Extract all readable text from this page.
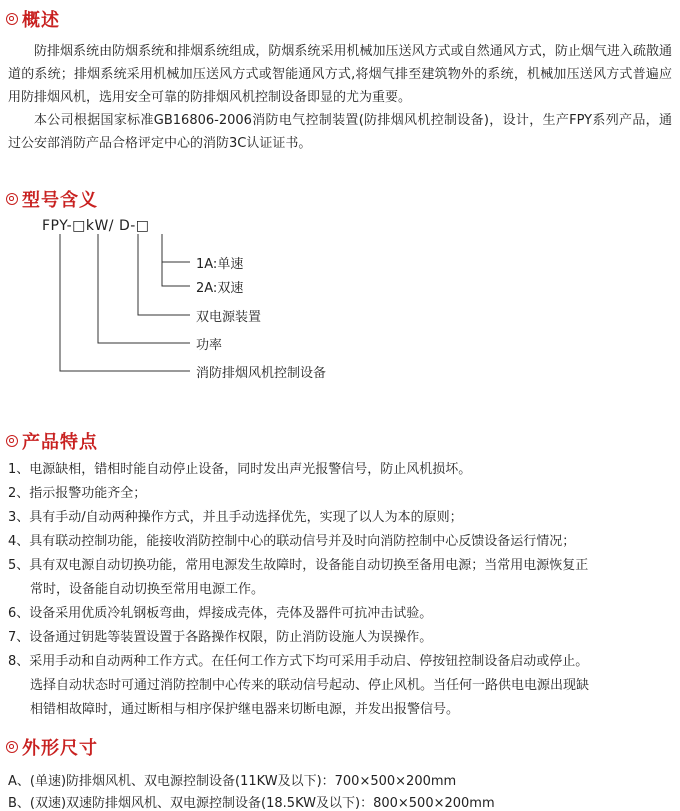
概述

防排烟系统由防烟系统和排烟系统组成，防烟系统采用机械加压送风方式或自然通风方式，防止烟气进入疏散通道的系统；排烟系统采用机械加压送风方式或智能通风方式,将烟气排至建筑物外的系统，机械加压送风方式普遍应用防排烟风机，选用安全可靠的防排烟风机控制设备即显的尤为重要。

本公司根据国家标准GB16806-2006消防电气控制装置(防排烟风机控制设备)，设计，生产FPY系列产品，通过公安部消防产品合格评定中心的消防3C认证证书。

型号含义
FPY-□kW/ D-□
1A:单速
2A:双速
双电源装置
功率
消防排烟风机控制设备
产品特点
1、电源缺相，错相时能自动停止设备，同时发出声光报警信号，防止风机损坏。
2、指示报警功能齐全；
3、具有手动/自动两种操作方式，并且手动选择优先，实现了以人为本的原则；
4、具有联动控制功能，能接收消防控制中心的联动信号并及时向消防控制中心反馈设备运行情况；
5、具有双电源自动切换功能，常用电源发生故障时，设备能自动切换至备用电源；当常用电源恢复正
常时，设备能自动切换至常用电源工作。
6、设备采用优质冷轧钢板弯曲，焊接成壳体，壳体及器件可抗冲击试验。
7、设备通过钥匙等装置设置于各路操作权限，防止消防设施人为误操作。
8、采用手动和自动两种工作方式。在任何工作方式下均可采用手动启、停按钮控制设备启动或停止。
选择自动状态时可通过消防控制中心传来的联动信号起动、停止风机。当任何一路供电电源出现缺
相错相故障时，通过断相与相序保护继电器来切断电源，并发出报警信号。
外形尺寸
A、(单速)防排烟风机、双电源控制设备(11KW及以下)：700×500×200mm
B、(双速)双速防排烟风机、双电源控制设备(18.5KW及以下)：800×500×200mm
